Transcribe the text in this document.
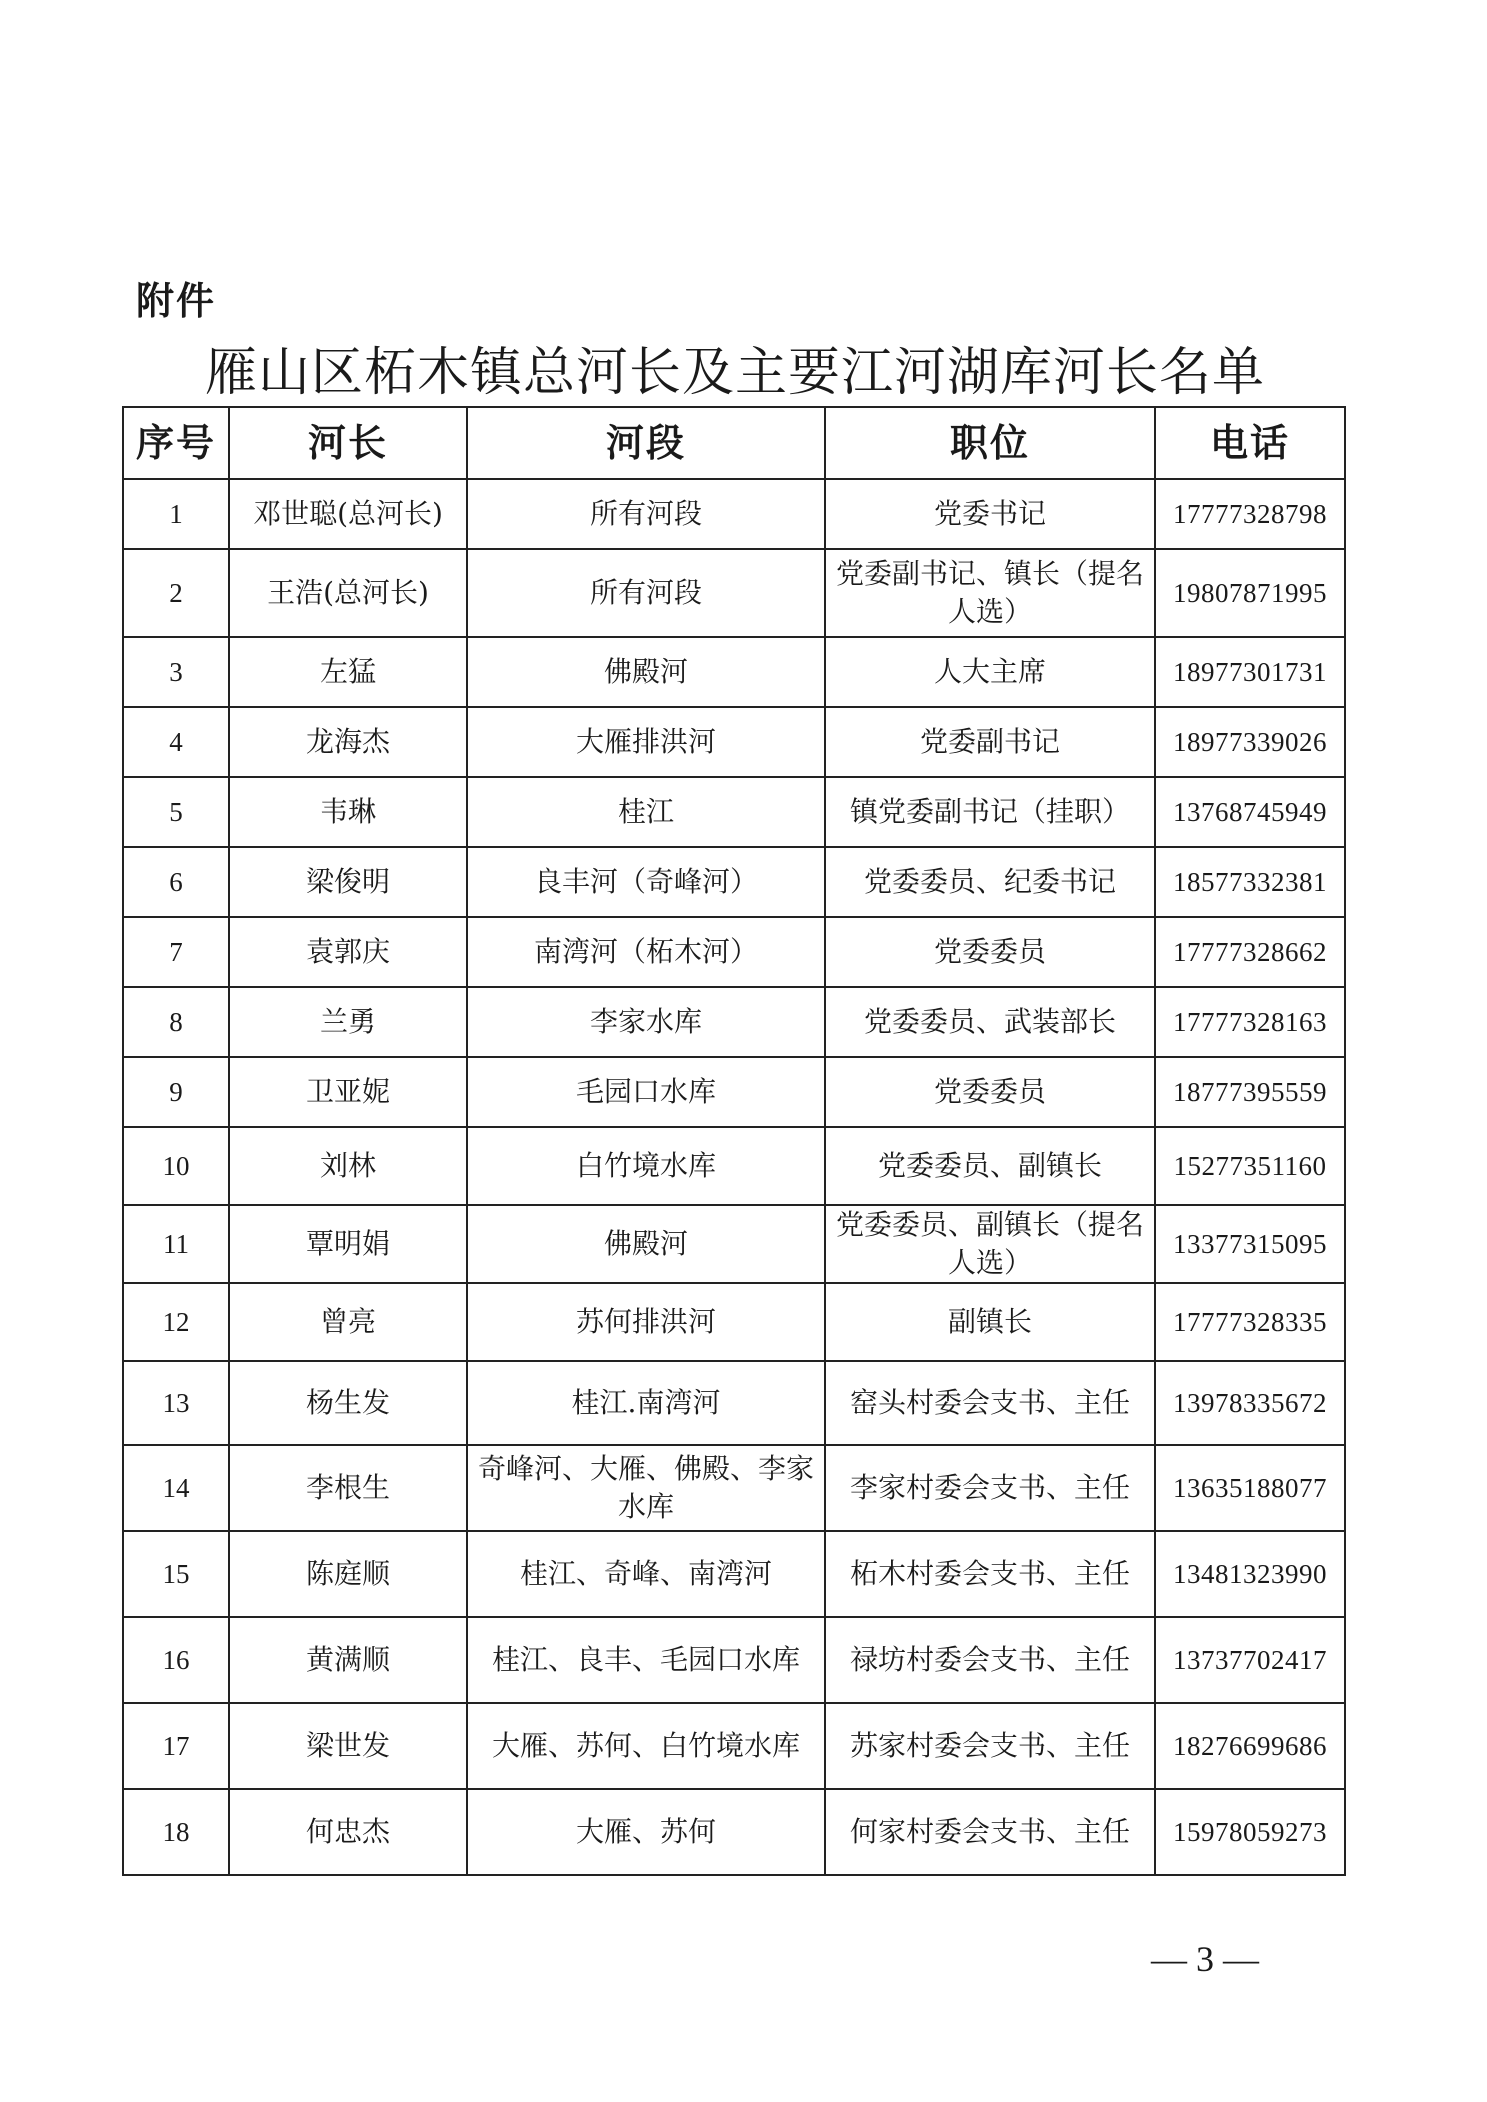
附件
雁山区柘木镇总河长及主要江河湖库河长名单
序号	河长	河段	职位	电话
1	邓世聪(总河长)	所有河段	党委书记	17777328798
2	王浩(总河长)	所有河段	党委副书记、镇长（提名人选）	19807871995
3	左猛	佛殿河	人大主席	18977301731
4	龙海杰	大雁排洪河	党委副书记	18977339026
5	韦琳	桂江	镇党委副书记（挂职）	13768745949
6	梁俊明	良丰河（奇峰河）	党委委员、纪委书记	18577332381
7	袁郭庆	南湾河（柘木河）	党委委员	17777328662
8	兰勇	李家水库	党委委员、武装部长	17777328163
9	卫亚妮	毛园口水库	党委委员	18777395559
10	刘林	白竹境水库	党委委员、副镇长	15277351160
11	覃明娟	佛殿河	党委委员、副镇长（提名人选）	13377315095
12	曾亮	苏何排洪河	副镇长	17777328335
13	杨生发	桂江.南湾河	窑头村委会支书、主任	13978335672
14	李根生	奇峰河、大雁、佛殿、李家水库	李家村委会支书、主任	13635188077
15	陈庭顺	桂江、奇峰、南湾河	柘木村委会支书、主任	13481323990
16	黄满顺	桂江、良丰、毛园口水库	禄坊村委会支书、主任	13737702417
17	梁世发	大雁、苏何、白竹境水库	苏家村委会支书、主任	18276699686
18	何忠杰	大雁、苏何	何家村委会支书、主任	15978059273
— 3 —
